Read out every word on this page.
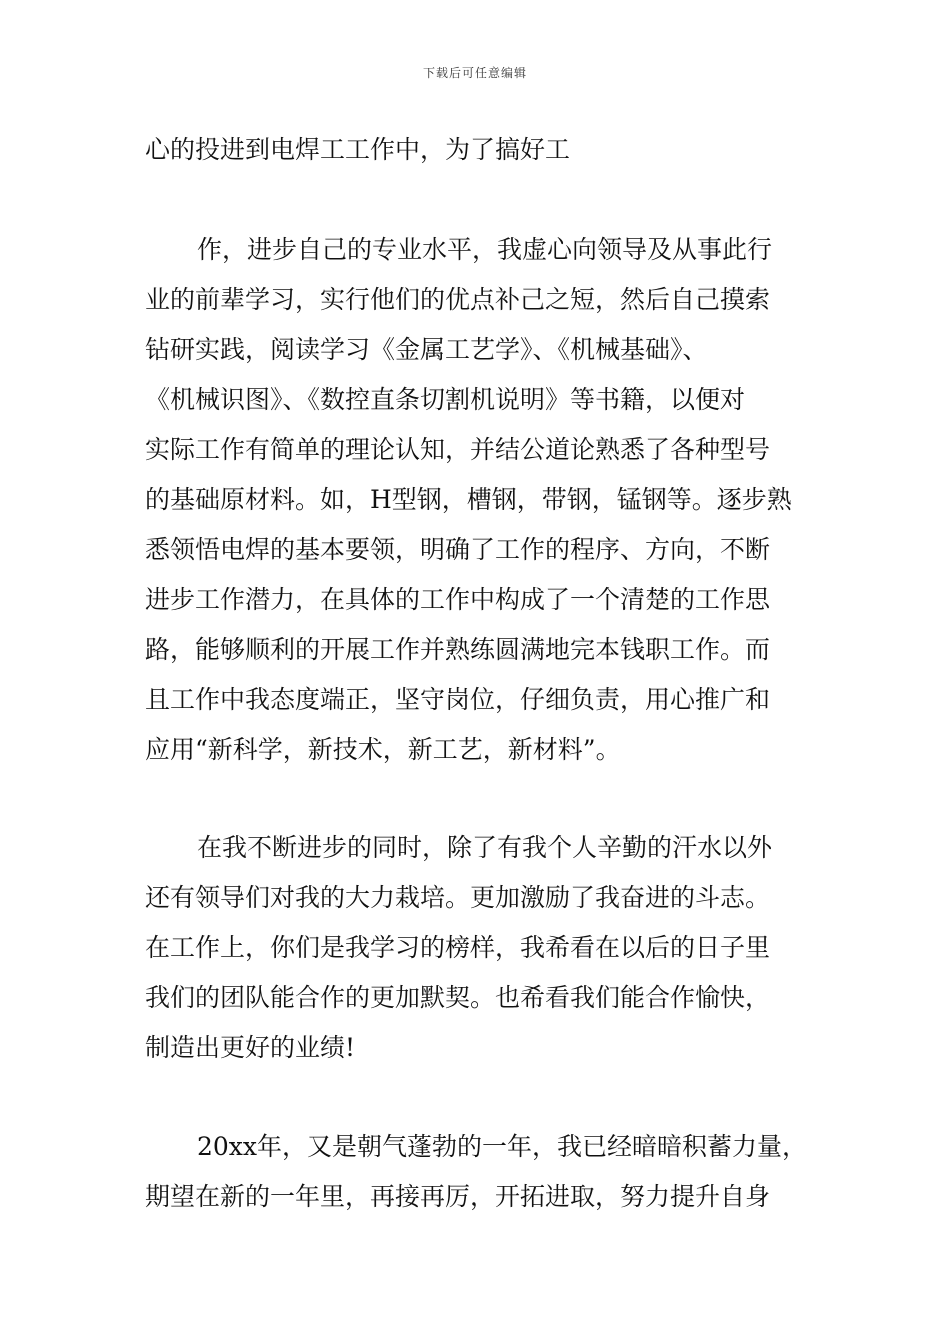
下载后可任意编辑
心的投进到电焊工工作中，为了搞好工
作，进步自己的专业水平，我虚心向领导及从事此行
业的前辈学习，实行他们的优点补己之短，然后自己摸索
钻研实践，阅读学习《金属工艺学》、《机械基础》、
《机械识图》、《数控直条切割机说明》等书籍，以便对
实际工作有简单的理论认知，并结公道论熟悉了各种型号
的基础原材料。如，H型钢，槽钢，带钢，锰钢等。逐步熟
悉领悟电焊的基本要领，明确了工作的程序、方向，不断
进步工作潜力，在具体的工作中构成了一个清楚的工作思
路，能够顺利的开展工作并熟练圆满地完本钱职工作。而
且工作中我态度端正，坚守岗位，仔细负责，用心推广和
应用“新科学，新技术，新工艺，新材料”。
在我不断进步的同时，除了有我个人辛勤的汗水以外
还有领导们对我的大力栽培。更加激励了我奋进的斗志。
在工作上，你们是我学习的榜样，我希看在以后的日子里
我们的团队能合作的更加默契。也希看我们能合作愉快，
制造出更好的业绩!
20xx年，又是朝气蓬勃的一年，我已经暗暗积蓄力量，
期望在新的一年里，再接再厉，开拓进取，努力提升自身
